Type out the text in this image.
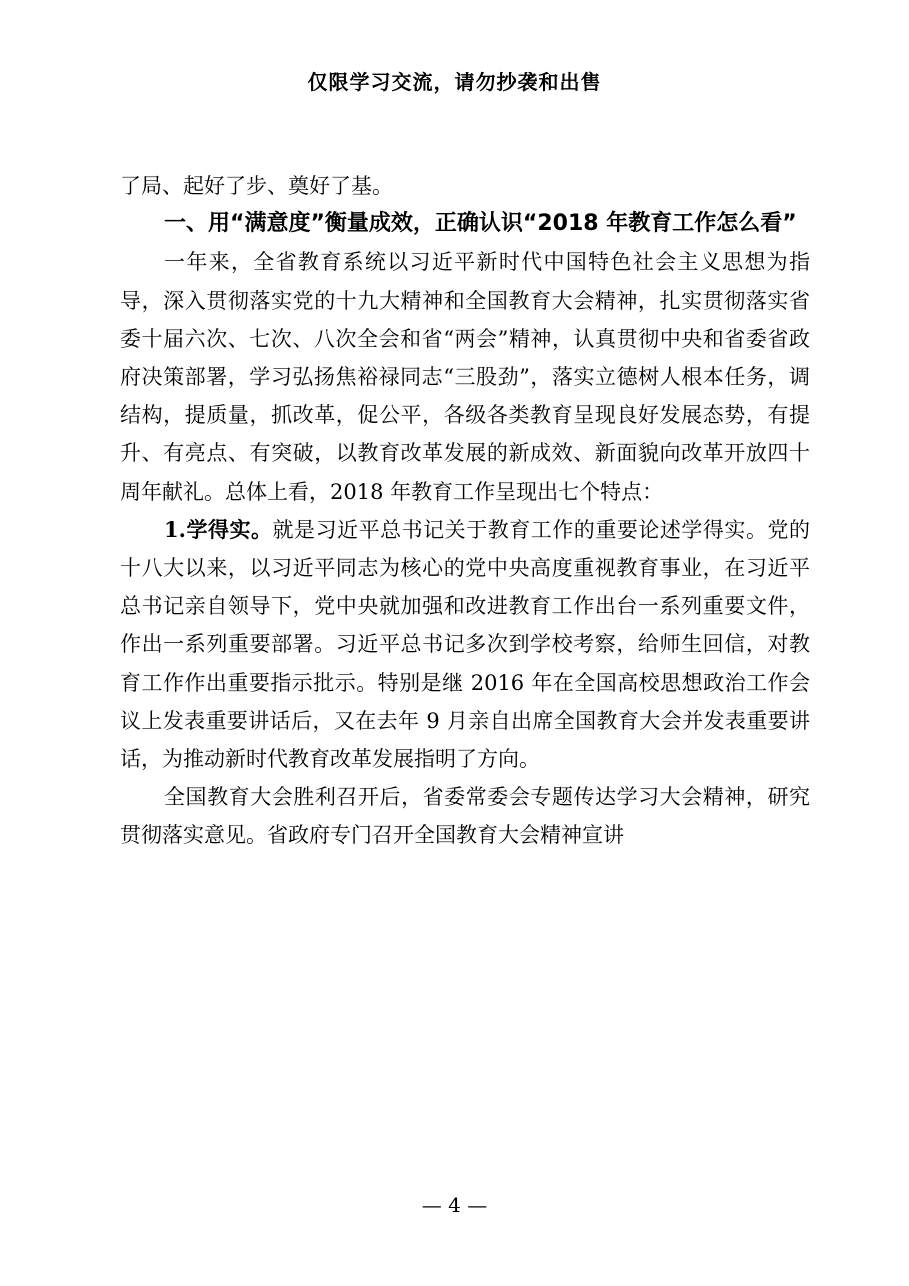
仅限学习交流，请勿抄袭和出售

了局、起好了步、奠好了基。

一、用“满意度”衡量成效，正确认识“2018 年教育工作怎么看”

一年来，全省教育系统以习近平新时代中国特色社会主义思想为指导，深入贯彻落实党的十九大精神和全国教育大会精神，扎实贯彻落实省委十届六次、七次、八次全会和省“两会”精神，认真贯彻中央和省委省政府决策部署，学习弘扬焦裕禄同志“三股劲”，落实立德树人根本任务，调结构，提质量，抓改革，促公平，各级各类教育呈现良好发展态势，有提升、有亮点、有突破，以教育改革发展的新成效、新面貌向改革开放四十周年献礼。总体上看，2018 年教育工作呈现出七个特点：

1.学得实。就是习近平总书记关于教育工作的重要论述学得实。党的十八大以来，以习近平同志为核心的党中央高度重视教育事业，在习近平总书记亲自领导下，党中央就加强和改进教育工作出台一系列重要文件，作出一系列重要部署。习近平总书记多次到学校考察，给师生回信，对教育工作作出重要指示批示。特别是继 2016 年在全国高校思想政治工作会议上发表重要讲话后，又在去年 9 月亲自出席全国教育大会并发表重要讲话，为推动新时代教育改革发展指明了方向。

全国教育大会胜利召开后，省委常委会专题传达学习大会精神，研究贯彻落实意见。省政府专门召开全国教育大会精神宣讲

— 4 —
